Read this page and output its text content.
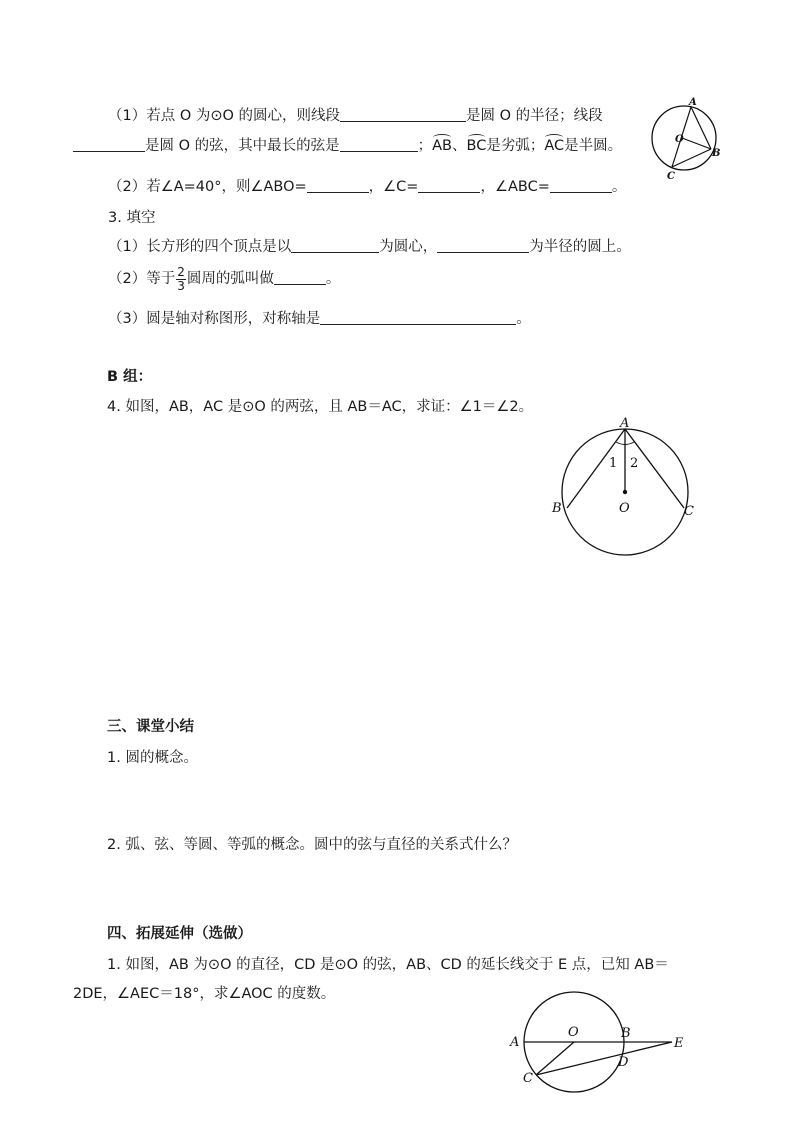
（1）若点 O 为⊙O 的圆心，则线段	是圆 O 的半径；线段
是圆 O 的弦，其中最长的弦是	；AB、BC是劣弧；AC是半圆。
A
B
C
O
（2）若∠A=40°，则∠ABO=	，∠C=	，∠ABC=	。
3. 填空
（1）长方形的四个顶点是以	为圆心，	为半径的圆上。
（2）等于 $\frac{2}{3}$ 圆周的弧叫做	。
（3）圆是轴对称图形，对称轴是	。
B 组：
4. 如图，AB，AC 是⊙O 的两弦，且 AB＝AC，求证：∠1＝∠2。
A
B	C
O
1 2
三、课堂小结
1. 圆的概念。
2. 弧、弦、等圆、等弧的概念。圆中的弦与直径的关系式什么？
四、拓展延伸（选做）
1. 如图，AB 为⊙O 的直径，CD 是⊙O 的弦，AB、CD 的延长线交于 E 点，已知 AB＝
2DE，∠AEC＝18°，求∠AOC 的度数。
A
O	B
E
D
C
